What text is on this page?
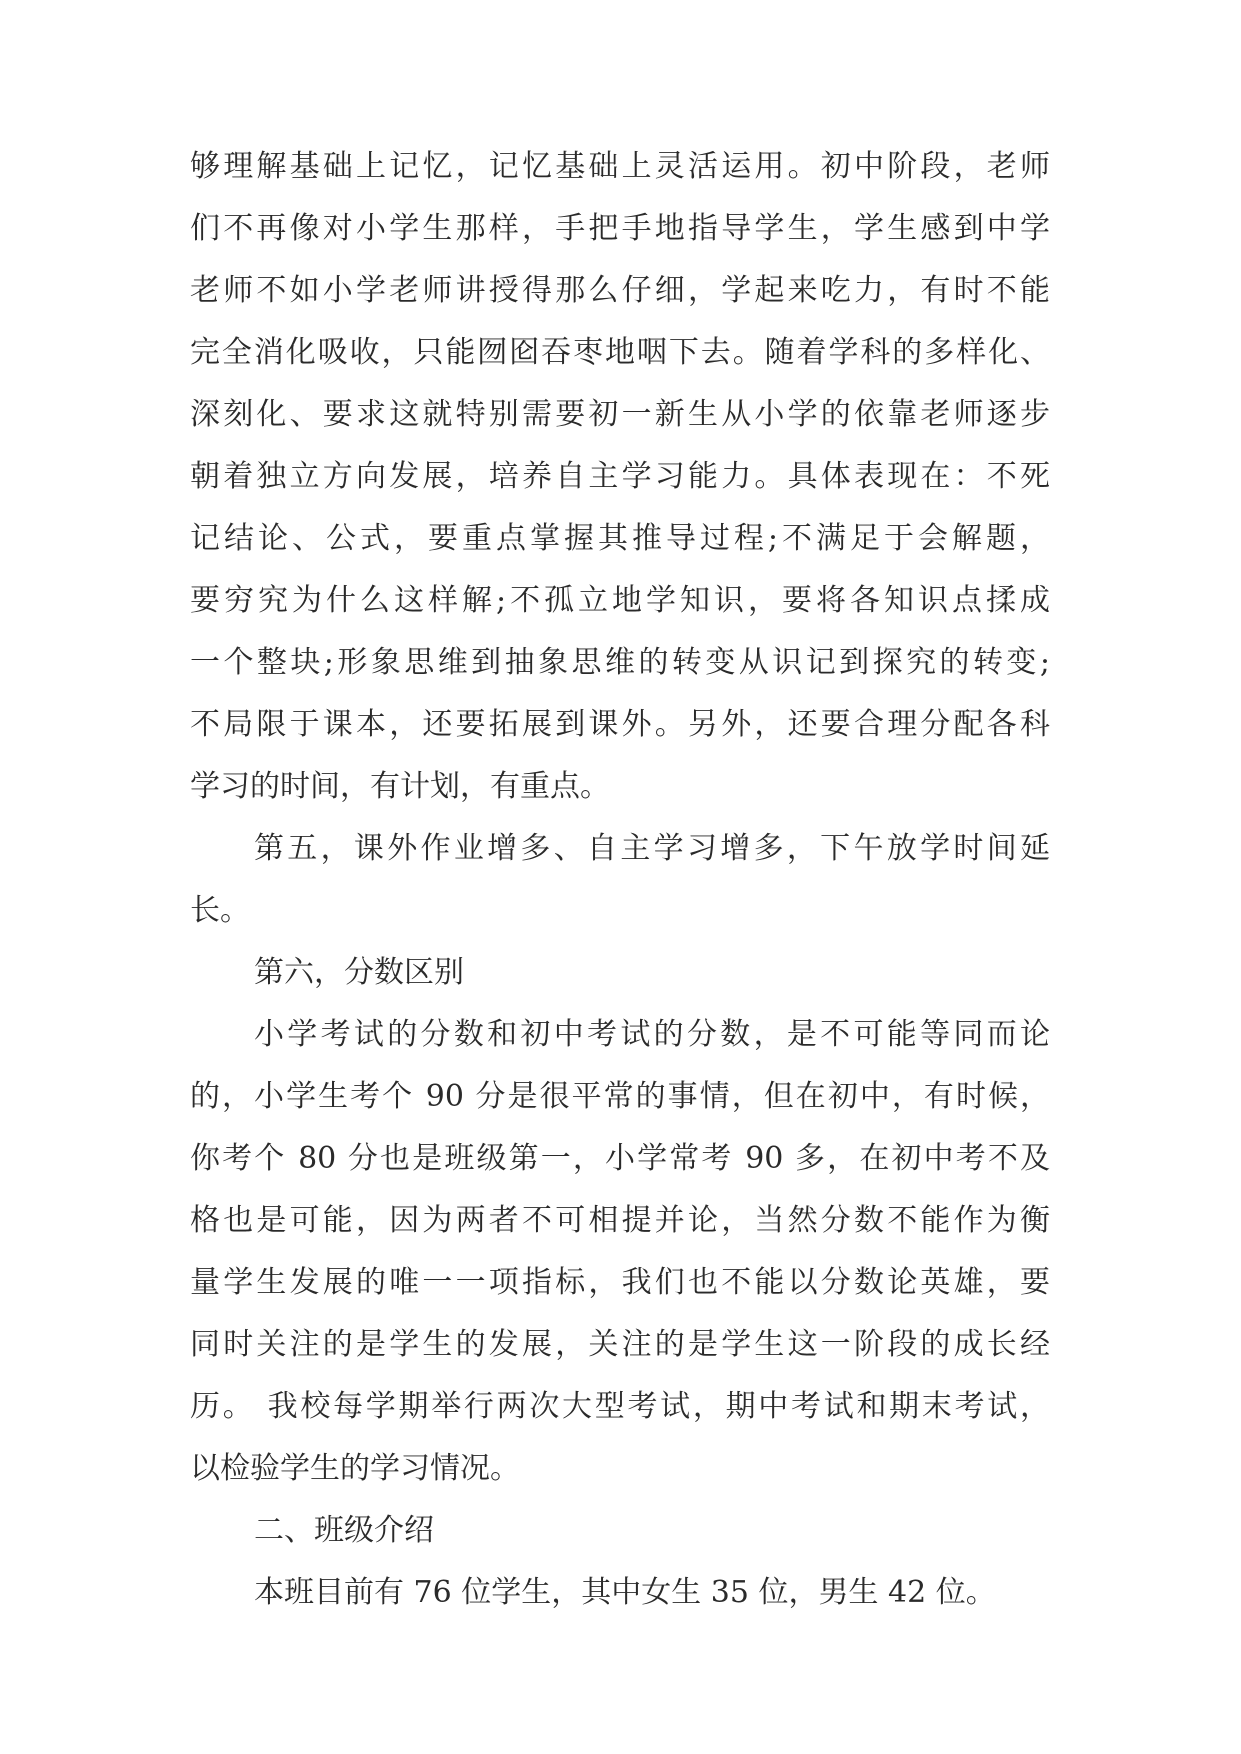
够理解基础上记忆，记忆基础上灵活运用。初中阶段，老师

们不再像对小学生那样，手把手地指导学生，学生感到中学

老师不如小学老师讲授得那么仔细，学起来吃力，有时不能

完全消化吸收，只能囫囵吞枣地咽下去。随着学科的多样化、

深刻化、要求这就特别需要初一新生从小学的依靠老师逐步

朝着独立方向发展，培养自主学习能力。具体表现在：不死

记结论、公式，要重点掌握其推导过程;不满足于会解题，

要穷究为什么这样解;不孤立地学知识，要将各知识点揉成

一个整块;形象思维到抽象思维的转变从识记到探究的转变;

不局限于课本，还要拓展到课外。另外，还要合理分配各科

学习的时间，有计划，有重点。

第五，课外作业增多、自主学习增多，下午放学时间延

长。

第六，分数区别

小学考试的分数和初中考试的分数，是不可能等同而论

的，小学生考个 90 分是很平常的事情，但在初中，有时候，

你考个 80 分也是班级第一，小学常考 90 多，在初中考不及

格也是可能，因为两者不可相提并论，当然分数不能作为衡

量学生发展的唯一一项指标，我们也不能以分数论英雄，要

同时关注的是学生的发展，关注的是学生这一阶段的成长经

历。 我校每学期举行两次大型考试，期中考试和期末考试，

以检验学生的学习情况。

二、班级介绍

本班目前有 76 位学生，其中女生 35 位，男生 42 位。
